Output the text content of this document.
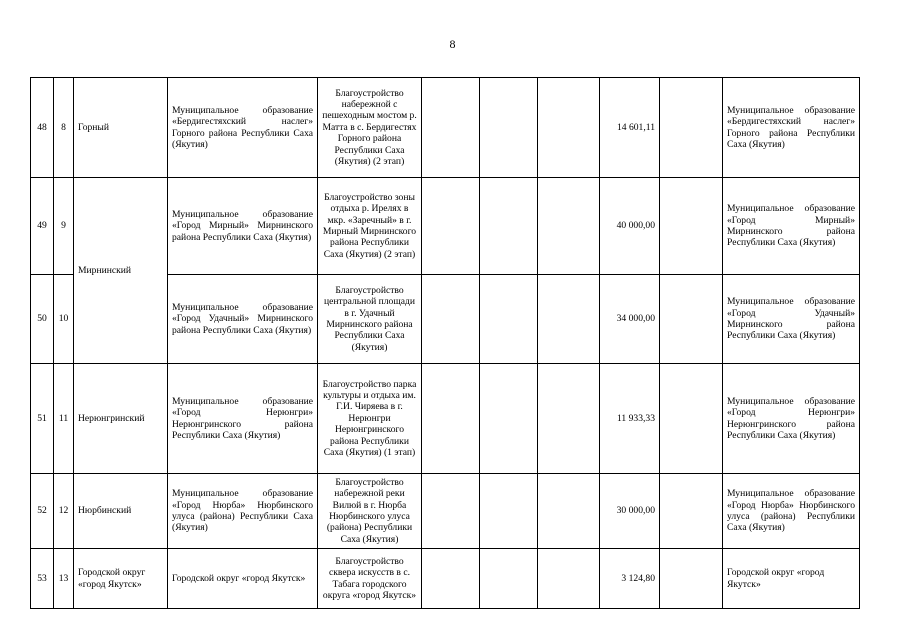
8
48	8	Горный	Муниципальное образование «Бердигестяхский наслег» Горного района Республики Саха (Якутия)	Благоустройство набережной с пешеходным мостом р. Матта в с. Бердигестях Горного района Республики Саха (Якутия) (2 этап)				14 601,11		Муниципальное образование «Бердигестяхский наслег» Горного района Республики Саха (Якутия)
49	9	Мирнинский	Муниципальное образование «Город Мирный» Мирнинского района Республики Саха (Якутия)	Благоустройство зоны отдыха р. Ирелях в мкр. «Заречный» в г. Мирный Мирнинского района Республики Саха (Якутия) (2 этап)				40 000,00		Муниципальное образование «Город Мирный» Мирнинского района Республики Саха (Якутия)
50	10		Муниципальное образование «Город Удачный» Мирнинского района Республики Саха (Якутия)	Благоустройство центральной площади в г. Удачный Мирнинского района Республики Саха (Якутия)				34 000,00		Муниципальное образование «Город Удачный» Мирнинского района Республики Саха (Якутия)
51	11	Нерюнгринский	Муниципальное образование «Город Нерюнгри» Нерюнгринского района Республики Саха (Якутия)	Благоустройство парка культуры и отдыха им. Г.И. Чиряева в г. Нерюнгри Нерюнгринского района Республики Саха (Якутия) (1 этап)				11 933,33		Муниципальное образование «Город Нерюнгри» Нерюнгринского района Республики Саха (Якутия)
52	12	Нюрбинский	Муниципальное образование «Город Нюрба» Нюрбинского улуса (района) Республики Саха (Якутия)	Благоустройство набережной реки Вилюй в г. Нюрба Нюрбинского улуса (района) Республики Саха (Якутия)				30 000,00		Муниципальное образование «Город Нюрба» Нюрбинского улуса (района) Республики Саха (Якутия)
53	13	Городской округ «город Якутск»	Городской округ «город Якутск»	Благоустройство сквера искусств в с. Табага городского округа «город Якутск»				3 124,80		Городской округ «город Якутск»
